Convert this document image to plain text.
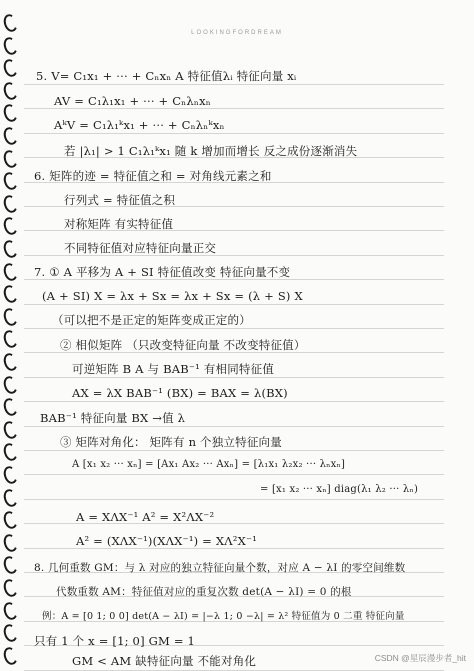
LOOKINGFORDREAM
5. V= C₁x₁ + ··· + Cₙxₙ A 特征值λᵢ 特征向量 xᵢ
AV = C₁λ₁x₁ + ··· + Cₙλₙxₙ
AᵏV = C₁λ₁ᵏx₁ + ··· + Cₙλₙᵏxₙ
若 |λ₁| > 1 C₁λ₁ᵏx₁ 随 k 增加而增长 反之成份逐渐消失
6. 矩阵的迹 = 特征值之和 = 对角线元素之和
行列式 = 特征值之积
对称矩阵 有实特征值
不同特征值对应特征向量正交
7. ① A 平移为 A + SI 特征值改变 特征向量不变
(A + SI) X = λx + Sx = λx + Sx = (λ + S) X
（可以把不是正定的矩阵变成正定的）
② 相似矩阵 （只改变特征向量 不改变特征值）
可逆矩阵 B A 与 BAB⁻¹ 有相同特征值
AX = λX BAB⁻¹ (BX) = BAX = λ(BX)
BAB⁻¹ 特征向量 BX →值 λ
③ 矩阵对角化： 矩阵有 n 个独立特征向量
A [x₁ x₂ ··· xₙ] = [Ax₁ Ax₂ ··· Axₙ] = [λ₁x₁ λ₂x₂ ··· λₙxₙ]
= [x₁ x₂ ··· xₙ] diag(λ₁ λ₂ ··· λₙ)
A = XΛX⁻¹ A² = X²ΛX⁻²
A² = (XΛX⁻¹)(XΛX⁻¹) = XΛ²X⁻¹
8. 几何重数 GM：与 λ 对应的独立特征向量个数，对应 A − λI 的零空间维数
代数重数 AM：特征值对应的重复次数 det(A − λI) = 0 的根
例：A = [0 1; 0 0] det(A − λI) = |−λ 1; 0 −λ| = λ² 特征值为 0 二重 特征向量
只有 1 个 x = [1; 0] GM = 1
GM < AM 缺特征向量 不能对角化	CSDN @星辰漫步者_hit
